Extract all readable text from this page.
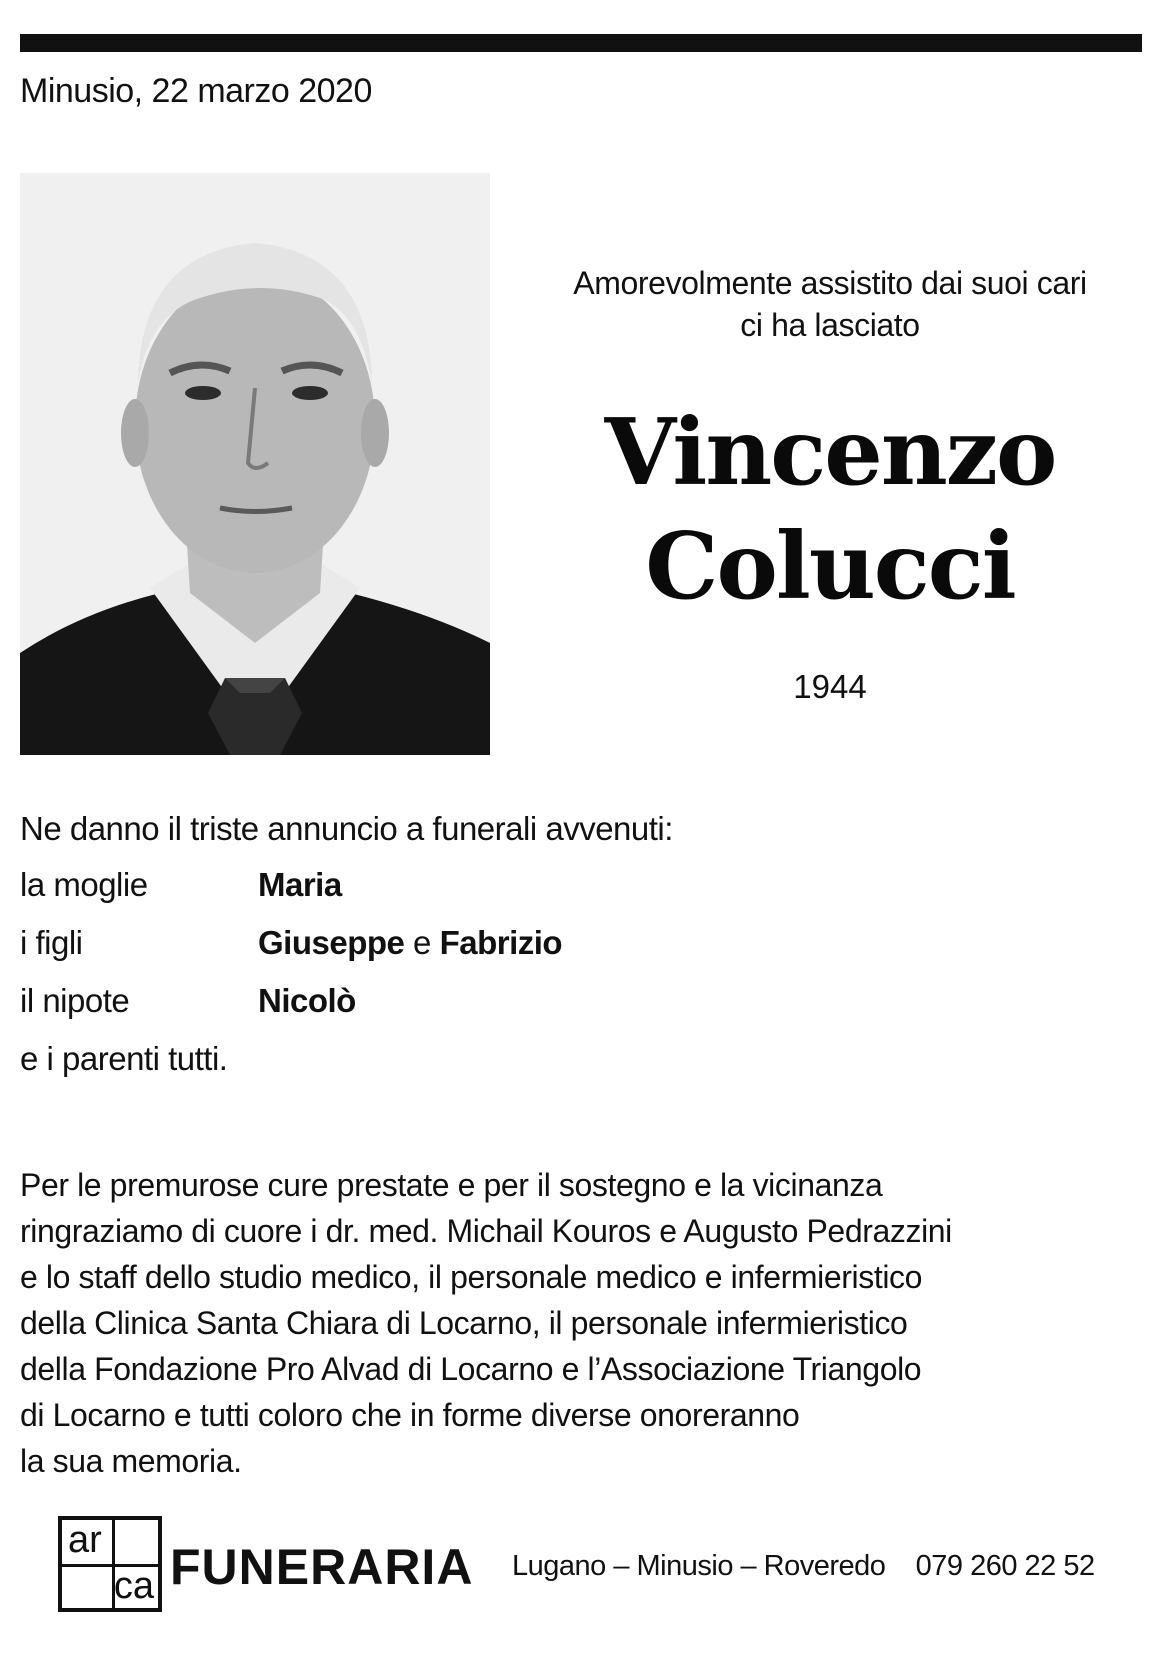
Minusio, 22 marzo 2020
Amorevolmente assistito dai suoi cari
ci ha lasciato
Vincenzo
Colucci
1944
Ne danno il triste annuncio a funerali avvenuti:
la moglie	Maria
i figli	Giuseppe e Fabrizio
il nipote	Nicolò
e i parenti tutti.
Per le premurose cure prestate e per il sostegno e la vicinanza
ringraziamo di cuore i dr. med. Michail Kouros e Augusto Pedrazzini
e lo staff dello studio medico, il personale medico e infermieristico
della Clinica Santa Chiara di Locarno, il personale infermieristico
della Fondazione Pro Alvad di Locarno e l’Associazione Triangolo
di Locarno e tutti coloro che in forme diverse onoreranno
la sua memoria.
ar
ca FUNERARIA Lugano – Minusio – Roveredo 079 260 22 52
